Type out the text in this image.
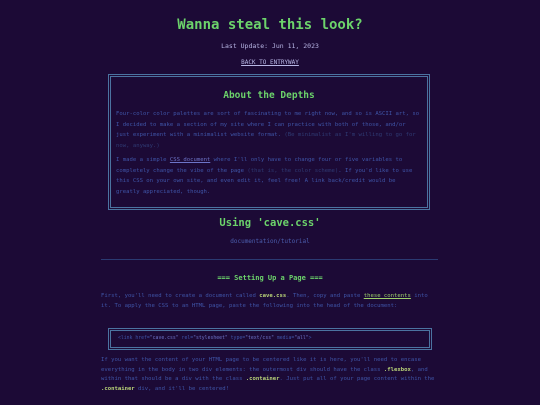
Wanna steal this look?
Last Update: Jun 11, 2023
BACK TO ENTRYWAY
About the Depths
Four-color color palettes are sort of fascinating to me right now, and so is ASCII art, so I decided to make a section of my site where I can practice with both of those, and/or just experiment with a minimalist website format. (Be minimalist as I'm willing to go for now, anyway.)
I made a simple CSS document where I'll only have to change four or five variables to completely change the vibe of the page (that is, the color scheme). If you'd like to use this CSS on your own site, and even edit it, feel free! A link back/credit would be greatly appreciated, though.
Using 'cave.css'
documentation/tutorial
=== Setting Up a Page ===
First, you'll need to create a document called cave.css. Then, copy and paste these contents into it. To apply the CSS to an HTML page, paste the following into the head of the document:
<link href="cave.css" rel="stylesheet" type="text/css" media="all">
If you want the content of your HTML page to be centered like it is here, you'll need to encase everything in the body in two div elements: the outermost div should have the class .flexbox, and within that should be a div with the class .container. Just put all of your page content within the .container div, and it'll be centered!
